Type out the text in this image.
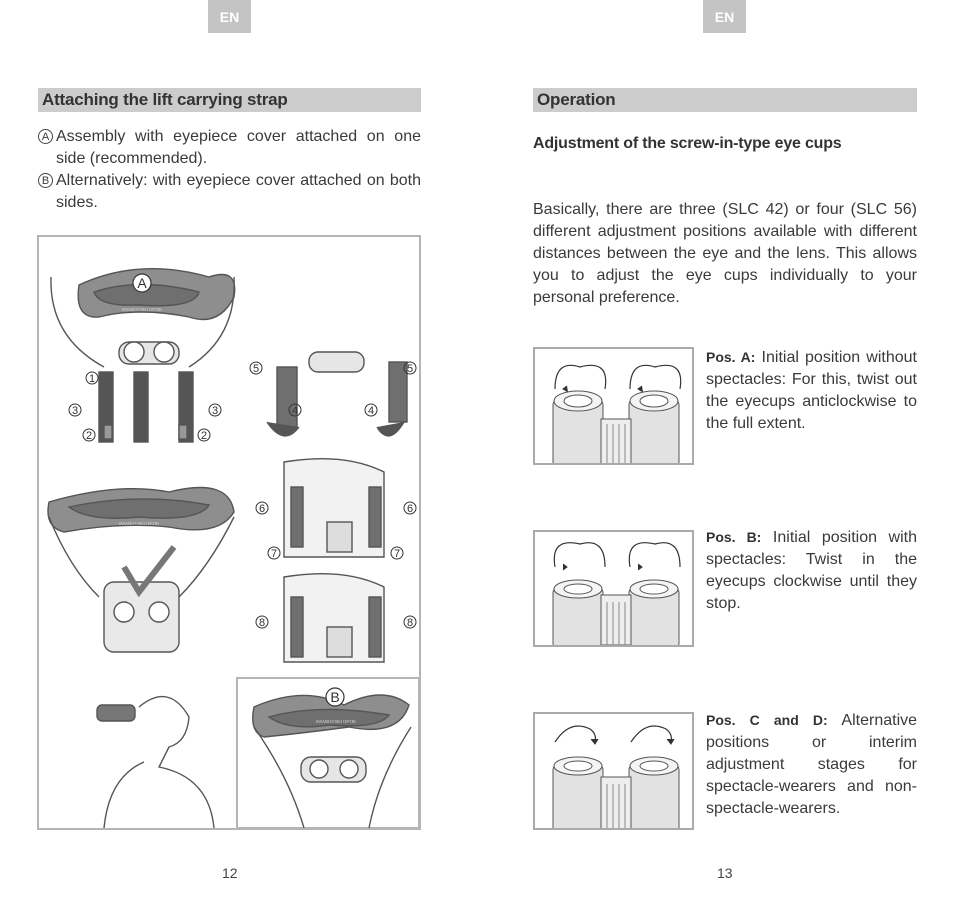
EN
Attaching the lift carrying strap
A Assembly with eyepiece cover attached on one side (recommended).
B Alternatively: with eyepiece cover attached on both sides.
A
SWAROVSKI OPTIK
1
3	3
2	2
5	5
4	4
SWAROVSKI OPTIK
6	6
7	7
8	8
B
SWAROVSKI OPTIK
12
EN
Operation
Adjustment of the screw-in-type eye cups
Basically, there are three (SLC 42) or four (SLC 56) different adjustment positions available with different distances between the eye and the lens. This allows you to adjust the eye cups individually to your personal preference.
Pos. A: Initial position without spectacles: For this, twist out the eyecups anticlockwise to the full extent.
Pos. B: Initial position with spectacles: Twist in the eyecups clockwise until they stop.
Pos. C and D: Alternative positions or interim adjustment stages for spectacle-wearers and non-spectacle-wearers.
13
